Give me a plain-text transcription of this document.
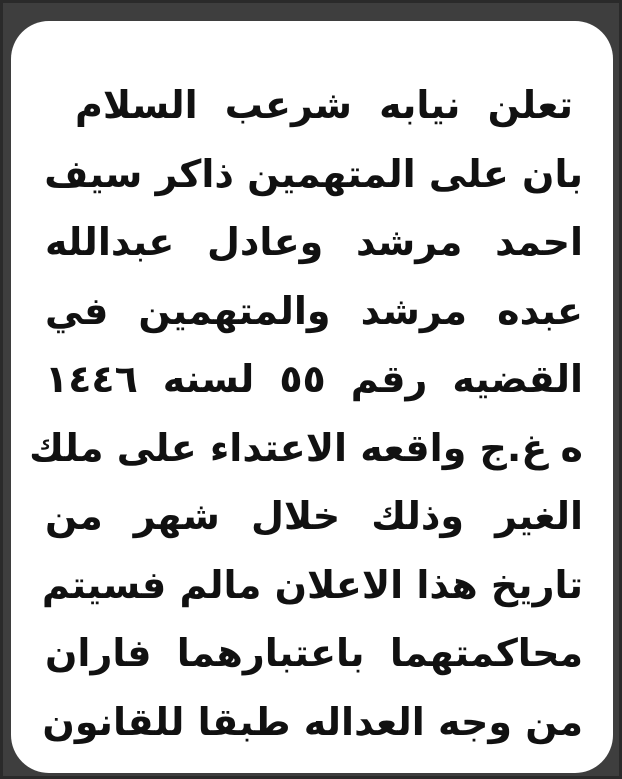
تعلن نيابه شرعب السلام
بان على المتهمين ذاكر سيف
احمد مرشد وعادل عبدالله
عبده مرشد والمتهمين في
القضيه رقم ٥٥ لسنه ١٤٤٦
ه غ.ج واقعه الاعتداء على ملك
الغير وذلك خلال شهر من
تاريخ هذا الاعلان مالم فسيتم
محاكمتهما باعتبارهما فاران
من وجه العداله طبقا للقانون
